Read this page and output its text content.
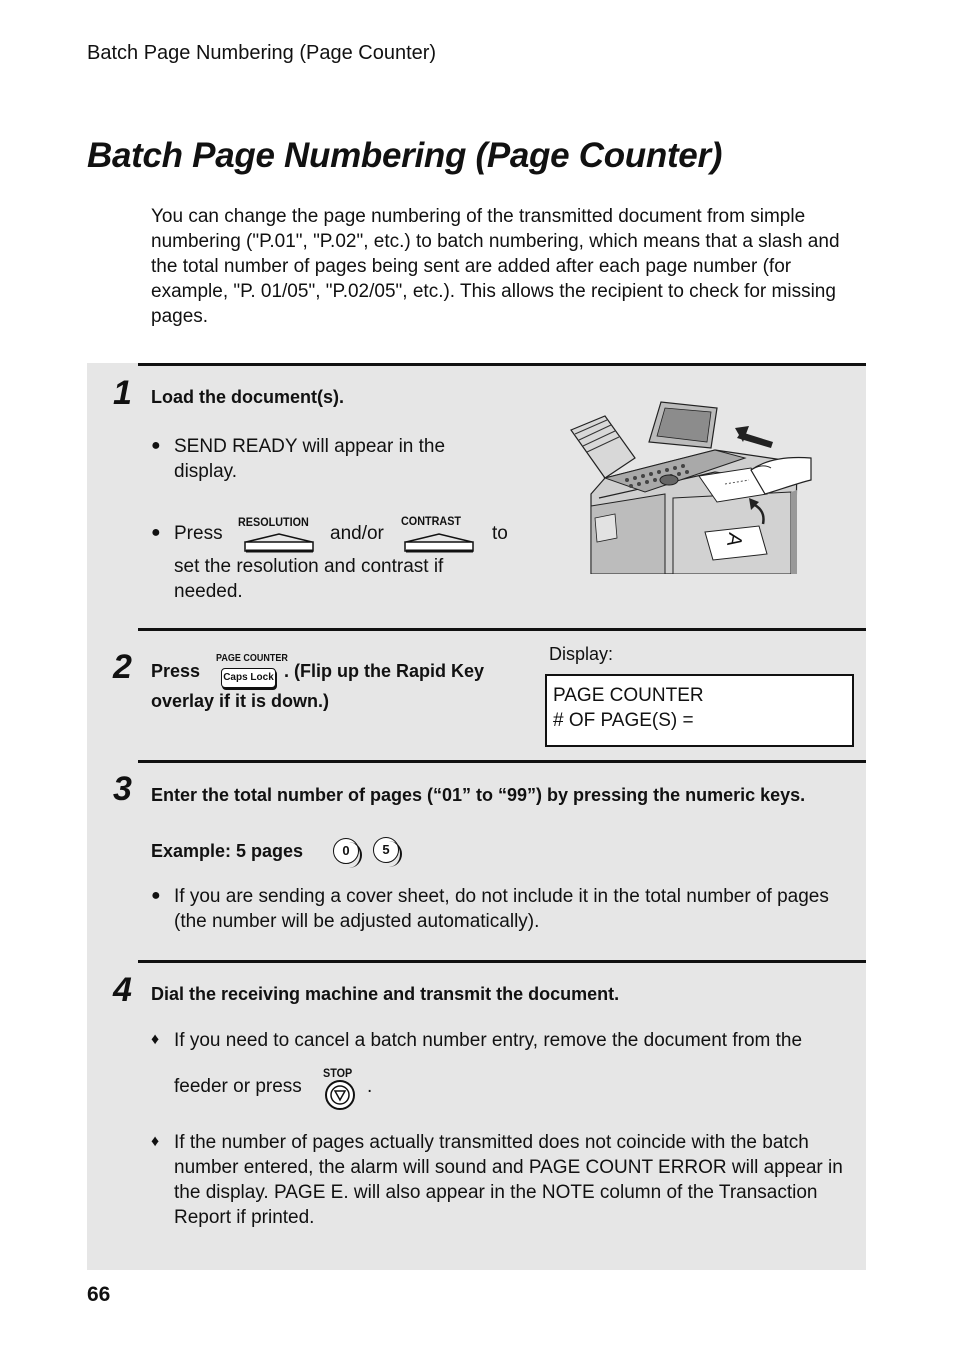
Batch Page Numbering (Page Counter)
Batch Page Numbering (Page Counter)
You can change the page numbering of the transmitted document from simple numbering ("P.01", "P.02", etc.) to batch numbering, which means that a slash and the total number of pages being sent are added after each page number (for example, "P. 01/05", "P.02/05", etc.). This allows the recipient to check for missing pages.
1 Load the document(s).
● SEND READY will appear in the display.
● Press
RESOLUTION
and/or
CONTRAST
to
set the resolution and contrast if needed.
A
2 Press
PAGE COUNTER
Caps Lock . (Flip up the Rapid Key
overlay if it is down.)
Display:
PAGE COUNTER
# OF PAGE(S) =
3 Enter the total number of pages (“01” to “99”) by pressing the numeric keys.
Example: 5 pages	0	5
● If you are sending a cover sheet, do not include it in the total number of pages (the number will be adjusted automatically).
4 Dial the receiving machine and transmit the document.
♦ If you need to cancel a batch number entry, remove the document from the
feeder or press
STOP
.
♦ If the number of pages actually transmitted does not coincide with the batch number entered, the alarm will sound and PAGE COUNT ERROR will appear in the display. PAGE E. will also appear in the NOTE column of the Transaction Report if printed.
66
